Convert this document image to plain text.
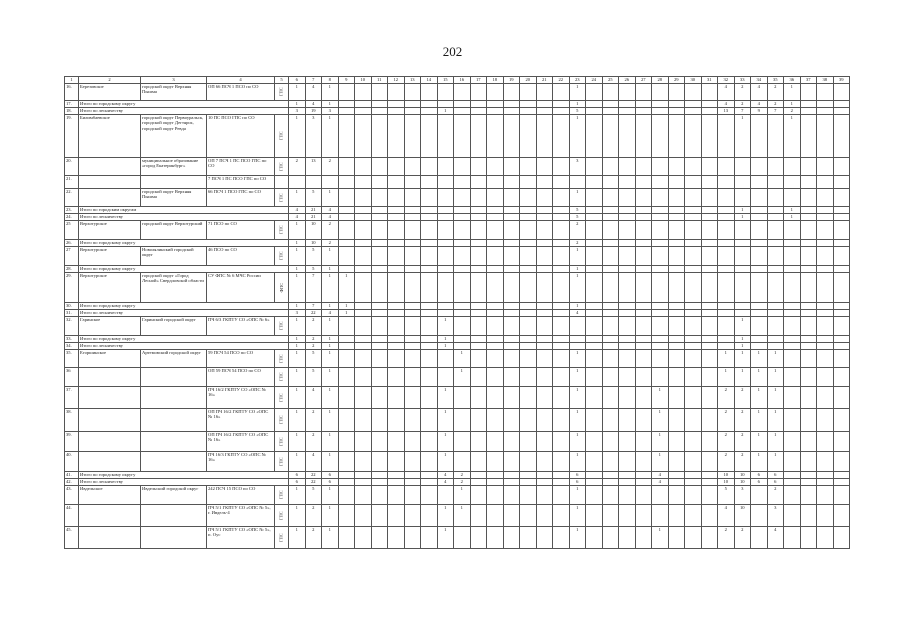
202
1	2	3	4	5	6	7	8	9	10	11	12	13	14	15	16	17	18	19	20	21	22	23	24	25	26	27	28	29	30	31	32	33	34	35	36	37	38	39
16.	Березовское	городской округ Верхняя Пышма	ОП 66 ПСЧ 1 ПСО по СО	ГПС	1	4	1															1									4	2	4	2	1			
17.	Итого по городскому округу				1	4	1															1									4	2	4	2	1			
18.	Итого по лесничеству				3	19	3							1								5									13	7	9	7	2			
19.	Билимбаевское	городской округ Первоуральск, городской округ Дегтярск, городской округ Ревда	10 ПС ПСО ГПС по СО	ГПС	1	3	1															1										1			1			
20.		муниципальное образование «город Екатеринбург»	ОП 7 ПСЧ 1 ПС ПСО ГПС по СО	ГПС	2	13	2															3																
21.			7 ПСЧ 1 ПС ПСО ГПС по СО																																			
22.		городской округ Верхняя Пышма	66 ПСЧ 1 ПСО ГПС по СО	ГПС	1	5	1															1																
23.	Итого по городским округам				4	21	4															5										1			1			
24.	Итого по лесничеству				4	21	4															5										1			1			
25	Верхотурское	городской округ Верхотурский	71 ПСО по СО	ГПС	1	10	2															2																
26.	Итого по городскому округу				1	10	2															2																
27	Верхотурское	Новолялинский городской округ	46 ПСО по СО	ГПС	1	5	1															1																
28.	Итого по городскому округу				1	5	1															1																
29.	Верхотурское	городской округ «Город Лесной» Свердловской области	СУ ФПС № 6 МЧС России	ФПС	1	7	1	1														1																
30.	Итого по городскому округу				1	7	1	1														1																
31.	Итого по лесничеству				3	22	4	1														4																
32.	Гаринское	Гаринский городской округ	ПЧ 6/3 ГКПТУ СО «ОПС № 6»	ГПС	1	2	1							1																		1						
33.	Итого по городскому округу				1	2	1							1																		1						
34.	Итого по лесничеству				1	2	1							1																		1						
35.	Егоршинское	Артемовский городской округ	59 ПСЧ 54 ПСО по СО	ГПС	1	5	1								1							1									1	1	1	1				
36			ОП 59 ПСЧ 54 ПСО по СО	ГПС	1	5	1								1							1									1	1	1	1				
37.			ПЧ 16/2 ГКПТУ СО «ОПС № 16»	ГПС	1	4	1							1								1					1				2	2	1	1				
38.			ОП ПЧ 16/2 ГКПТУ СО «ОПС № 16»	ГПС	1	2	1							1								1					1				2	2	1	1				
39.			ОП ПЧ 16/2 ГКПТУ СО «ОПС № 16»	ГПС	1	2	1							1								1					1				2	2	1	1				
40.			ПЧ 16/3 ГКПТУ СО «ОПС № 16»	ГПС	1	4	1							1								1					1				2	2	1	1				
41.	Итого по городскому округу				6	22	6							4	2							6					4				10	10	6	6				
42.	Итого по лесничеству				6	22	6							4	2							6					4				10	10	6	6				
43.	Ивдельское	Ивдельский городской округ	242 ПСЧ 15 ПСО по СО	ГПС	1	5	1								1							1									5	3		2				
44.			ПЧ 5/1 ГКПТУ СО «ОПС № 5», г. Ивдель-4	ГПС	1	2	1							1	1							1									4	10		3				
45.			ПЧ 5/1 ГКПТУ СО «ОПС № 5», п. Оус	ГПС	1	2	1							1								1					1				2	2		4				
